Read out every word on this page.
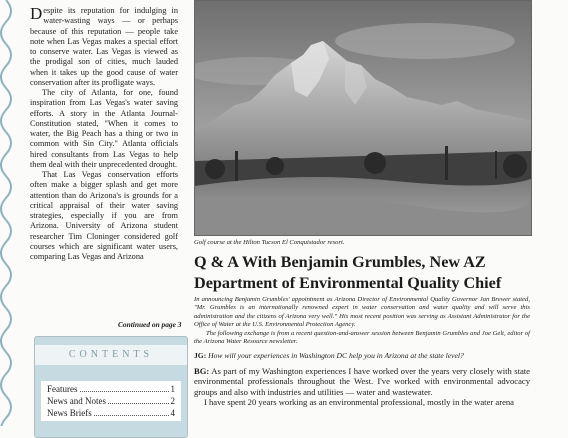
Despite its reputation for indulging in water-wasting ways — or perhaps because of this reputation — people take note when Las Vegas makes a special effort to conserve water. Las Vegas is viewed as the prodigal son of cities, much lauded when it takes up the good cause of water conservation after its profligate ways.

The city of Atlanta, for one, found inspiration from Las Vegas's water saving efforts. A story in the Atlanta Journal-Constitution stated, "When it comes to water, the Big Peach has a thing or two in common with Sin City." Atlanta officials hired consultants from Las Vegas to help them deal with their unprecedented drought.

That Las Vegas conservation efforts often make a bigger splash and get more attention than do Arizona's is grounds for a critical appraisal of their water saving strategies, especially if you are from Arizona. University of Arizona student researcher Tim Cloninger considered golf courses which are significant water users, comparing Las Vegas and Arizona

Continued on page 3
CONTENTS
Features	1
News and Notes	2
News Briefs	4
Golf course at the Hilton Tucson El Conquistador resort.
Q & A With Benjamin Grumbles, New AZ Department of Environmental Quality Chief

In announcing Benjamin Grumbles' appointment as Arizona Director of Environmental Quality Governor Jan Brewer stated, "Mr. Grumbles is an internationally renowned expert in water conservation and water quality and will serve this administration and the citizens of Arizona very well." His most recent position was serving as Assistant Administrator for the Office of Water at the U.S. Environmental Protection Agency.

The following exchange is from a recent question-and-answer session between Benjamin Grumbles and Joe Gelt, editor of the Arizona Water Resource newsletter.

JG: How will your experiences in Washington DC help you in Arizona at the state level?

BG: As part of my Washington experiences I have worked over the years very closely with state environmental professionals throughout the West. I've worked with environmental advocacy groups and also with industries and utilities — water and wastewater.

I have spent 20 years working as an environmental professional, mostly in the water arena
